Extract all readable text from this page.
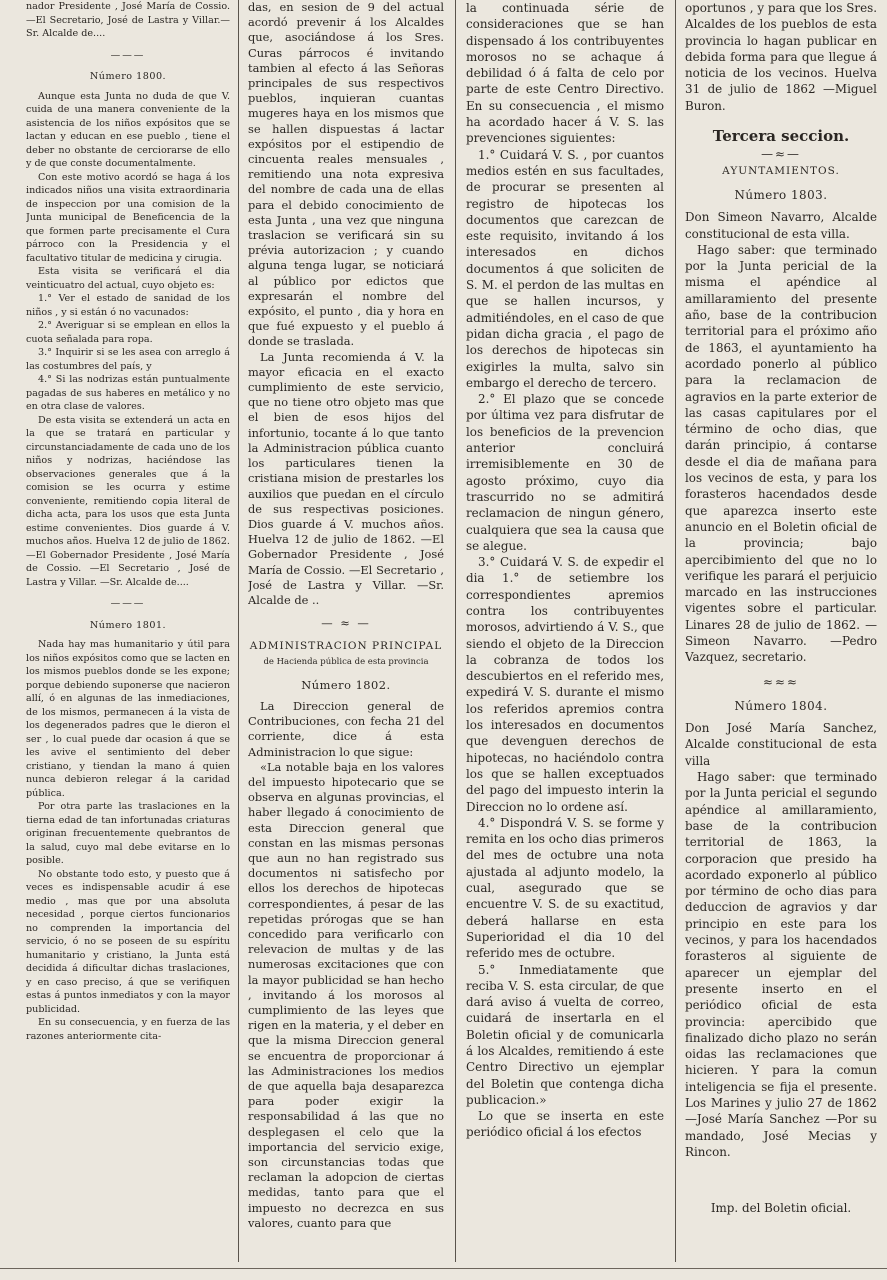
nador Presidente , José María de Cossio.—El Secretario, José de Lastra y Villar.—Sr. Alcalde de....

———
Número 1800.

Aunque esta Junta no duda de que V. cuida de una manera conveniente de la asistencia de los niños expósitos que se lactan y educan en ese pueblo , tiene el deber no obstante de cerciorarse de ello y de que conste documentalmente.

Con este motivo acordó se haga á los indicados niños una visita extraordinaria de inspeccion por una comision de la Junta municipal de Beneficencia de la que formen parte precisamente el Cura párroco con la Presidencia y el facultativo titular de medicina y cirugia.

Esta visita se verificará el dia veinticuatro del actual, cuyo objeto es:

1.° Ver el estado de sanidad de los niños , y si están ó no vacunados:

2.° Averiguar si se emplean en ellos la cuota señalada para ropa.

3.° Inquirir si se les asea con arreglo á las costumbres del país, y

4.° Si las nodrizas están puntualmente pagadas de sus haberes en metálico y no en otra clase de valores.

De esta visita se extenderá un acta en la que se tratará en particular y circunstanciadamente de cada uno de los niños y nodrizas, haciéndose las observaciones generales que á la comision se les ocurra y estime conveniente, remitiendo copia literal de dicha acta, para los usos que esta Junta estime convenientes. Dios guarde á V. muchos años. Huelva 12 de julio de 1862. —El Gobernador Presidente , José María de Cossio. —El Secretario , José de Lastra y Villar. —Sr. Alcalde de....

———
Número 1801.

Nada hay mas humanitario y útil para los niños expósitos como que se lacten en los mismos pueblos donde se les expone; porque debiendo suponerse que nacieron allí, ó en algunas de las inmediaciones, de los mismos, permanecen á la vista de los degenerados padres que le dieron el ser , lo cual puede dar ocasion á que se les avive el sentimiento del deber cristiano, y tiendan la mano á quien nunca debieron relegar á la caridad pública.

Por otra parte las traslaciones en la tierna edad de tan infortunadas criaturas originan frecuentemente quebrantos de la salud, cuyo mal debe evitarse en lo posible.

No obstante todo esto, y puesto que á veces es indispensable acudir á ese medio , mas que por una absoluta necesidad , porque ciertos funcionarios no comprenden la importancia del servicio, ó no se poseen de su espíritu humanitario y cristiano, la Junta está decidida á dificultar dichas traslaciones, y en caso preciso, á que se verifiquen estas á puntos inmediatos y con la mayor publicidad.

En su consecuencia, y en fuerza de las razones anteriormente cita-

das, en sesion de 9 del actual acordó prevenir á los Alcaldes que, asociándose á los Sres. Curas párrocos é invitando tambien al efecto á las Señoras principales de sus respectivos pueblos, inquieran cuantas mugeres haya en los mismos que se hallen dispuestas á lactar expósitos por el estipendio de cincuenta reales mensuales , remitiendo una nota expresiva del nombre de cada una de ellas para el debido conocimiento de esta Junta , una vez que ninguna traslacion se verificará sin su prévia autorizacion ; y cuando alguna tenga lugar, se noticiará al público por edictos que expresarán el nombre del expósito, el punto , dia y hora en que fué expuesto y el pueblo á donde se traslada.

La Junta recomienda á V. la mayor eficacia en el exacto cumplimiento de este servicio, que no tiene otro objeto mas que el bien de esos hijos del infortunio, tocante á lo que tanto la Administracion pública cuanto los particulares tienen la cristiana mision de prestarles los auxilios que puedan en el círculo de sus respectivas posiciones. Dios guarde á V. muchos años. Huelva 12 de julio de 1862. —El Gobernador Presidente , José María de Cossio. —El Secretario , José de Lastra y Villar. —Sr. Alcalde de ..

— ≈ —
ADMINISTRACION PRINCIPAL
de Hacienda pública de esta provincia
Número 1802.

La Direccion general de Contribuciones, con fecha 21 del corriente, dice á esta Administracion lo que sigue:

«La notable baja en los valores del impuesto hipotecario que se observa en algunas provincias, el haber llegado á conocimiento de esta Direccion general que constan en las mismas personas que aun no han registrado sus documentos ni satisfecho por ellos los derechos de hipotecas correspondientes, á pesar de las repetidas prórogas que se han concedido para verificarlo con relevacion de multas y de las numerosas excitaciones que con la mayor publicidad se han hecho , invitando á los morosos al cumplimiento de las leyes que rigen en la materia, y el deber en que la misma Direccion general se encuentra de proporcionar á las Administraciones los medios de que aquella baja desaparezca para poder exigir la responsabilidad á las que no desplegasen el celo que la importancia del servicio exige, son circunstancias todas que reclaman la adopcion de ciertas medidas, tanto para que el impuesto no decrezca en sus valores, cuanto para que

la continuada série de consideraciones que se han dispensado á los contribuyentes morosos no se achaque á debilidad ó á falta de celo por parte de este Centro Directivo. En su consecuencia , el mismo ha acordado hacer á V. S. las prevenciones siguientes:

1.° Cuidará V. S. , por cuantos medios estén en sus facultades, de procurar se presenten al registro de hipotecas los documentos que carezcan de este requisito, invitando á los interesados en dichos documentos á que soliciten de S. M. el perdon de las multas en que se hallen incursos, y admitiéndoles, en el caso de que pidan dicha gracia , el pago de los derechos de hipotecas sin exigirles la multa, salvo sin embargo el derecho de tercero.

2.° El plazo que se concede por última vez para disfrutar de los beneficios de la prevencion anterior concluirá irremisiblemente en 30 de agosto próximo, cuyo dia trascurrido no se admitirá reclamacion de ningun género, cualquiera que sea la causa que se alegue.

3.° Cuidará V. S. de expedir el dia 1.° de setiembre los correspondientes apremios contra los contribuyentes morosos, advirtiendo á V. S., que siendo el objeto de la Direccion la cobranza de todos los descubiertos en el referido mes, expedirá V. S. durante el mismo los referidos apremios contra los interesados en documentos que devenguen derechos de hipotecas, no haciéndolo contra los que se hallen exceptuados del pago del impuesto interin la Direccion no lo ordene así.

4.° Dispondrá V. S. se forme y remita en los ocho dias primeros del mes de octubre una nota ajustada al adjunto modelo, la cual, asegurado que se encuentre V. S. de su exactitud, deberá hallarse en esta Superioridad el dia 10 del referido mes de octubre.

5.° Inmediatamente que reciba V. S. esta circular, de que dará aviso á vuelta de correo, cuidará de insertarla en el Boletin oficial y de comunicarla á los Alcaldes, remitiendo á este Centro Directivo un ejemplar del Boletin que contenga dicha publicacion.»

Lo que se inserta en este periódico oficial á los efectos

oportunos , y para que los Sres. Alcaldes de los pueblos de esta provincia lo hagan publicar en debida forma para que llegue á noticia de los vecinos. Huelva 31 de julio de 1862 —Miguel Buron.

Tercera seccion.
—≈—
AYUNTAMIENTOS.
Número 1803.

Don Simeon Navarro, Alcalde constitucional de esta villa.

Hago saber: que terminado por la Junta pericial de la misma el apéndice al amillaramiento del presente año, base de la contribucion territorial para el próximo año de 1863, el ayuntamiento ha acordado ponerlo al público para la reclamacion de agravios en la parte exterior de las casas capitulares por el término de ocho dias, que darán principio, á contarse desde el dia de mañana para los vecinos de esta, y para los forasteros hacendados desde que aparezca inserto este anuncio en el Boletin oficial de la provincia; bajo apercibimiento del que no lo verifique les parará el perjuicio marcado en las instrucciones vigentes sobre el particular. Linares 28 de julio de 1862. —Simeon Navarro. —Pedro Vazquez, secretario.

≈≈≈
Número 1804.

Don José María Sanchez, Alcalde constitucional de esta villa

Hago saber: que terminado por la Junta pericial el segundo apéndice al amillaramiento, base de la contribucion territorial de 1863, la corporacion que presido ha acordado exponerlo al público por término de ocho dias para deduccion de agravios y dar principio en este para los vecinos, y para los hacendados forasteros al siguiente de aparecer un ejemplar del presente inserto en el periódico oficial de esta provincia: apercibido que finalizado dicho plazo no serán oidas las reclamaciones que hicieren. Y para la comun inteligencia se fija el presente. Los Marines y julio 27 de 1862 —José María Sanchez —Por su mandado, José Mecias y Rincon.

Imp. del Boletin oficial.
